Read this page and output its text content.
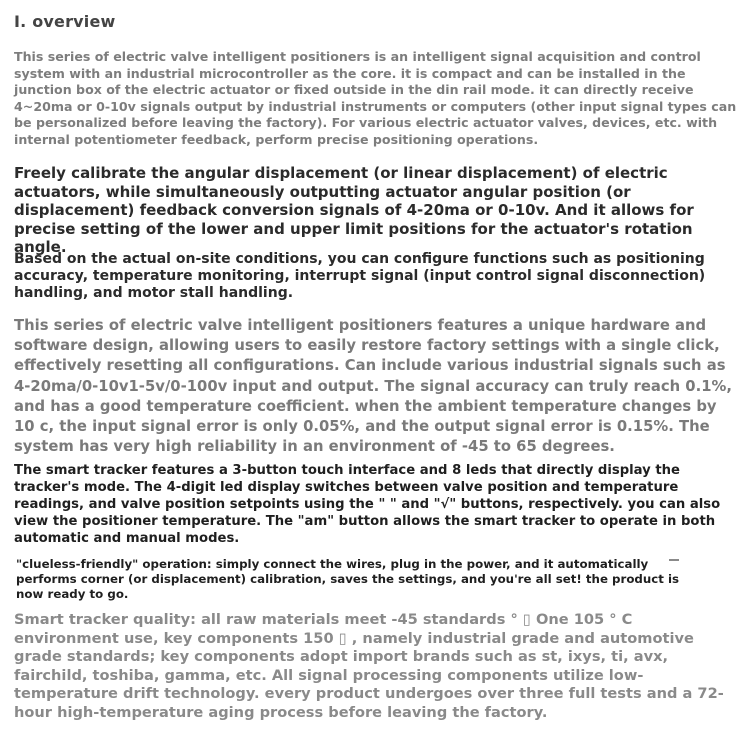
I. overview

This series of electric valve intelligent positioners is an intelligent signal acquisition and control system with an industrial microcontroller as the core. it is compact and can be installed in the junction box of the electric actuator or fixed outside in the din rail mode. it can directly receive 4~20ma or 0-10v signals output by industrial instruments or computers (other input signal types can be personalized before leaving the factory). For various electric actuator valves, devices, etc. with internal potentiometer feedback, perform precise positioning operations.

Freely calibrate the angular displacement (or linear displacement) of electric actuators, while simultaneously outputting actuator angular position (or displacement) feedback conversion signals of 4-20ma or 0-10v. And it allows for precise setting of the lower and upper limit positions for the actuator's rotation angle.

Based on the actual on-site conditions, you can configure functions such as positioning accuracy, temperature monitoring, interrupt signal (input control signal disconnection) handling, and motor stall handling.

This series of electric valve intelligent positioners features a unique hardware and software design, allowing users to easily restore factory settings with a single click, effectively resetting all configurations. Can include various industrial signals such as 4-20ma/0-10v1-5v/0-100v input and output. The signal accuracy can truly reach 0.1%, and has a good temperature coefficient. when the ambient temperature changes by 10 c, the input signal error is only 0.05%, and the output signal error is 0.15%. The system has very high reliability in an environment of -45 to 65 degrees.

The smart tracker features a 3-button touch interface and 8 leds that directly display the tracker's mode. The 4-digit led display switches between valve position and temperature readings, and valve position setpoints using the " " and "√" buttons, respectively. you can also view the positioner temperature. The "am" button allows the smart tracker to operate in both automatic and manual modes.

"clueless-friendly" operation: simply connect the wires, plug in the power, and it automatically performs corner (or displacement) calibration, saves the settings, and you're all set! the product is now ready to go.

Smart tracker quality: all raw materials meet -45 standards ° ▯ One 105 ° C environment use, key components 150 ▯ , namely industrial grade and automotive grade standards; key components adopt import brands such as st, ixys, ti, avx, fairchild, toshiba, gamma, etc. All signal processing components utilize low-temperature drift technology. every product undergoes over three full tests and a 72-hour high-temperature aging process before leaving the factory.
